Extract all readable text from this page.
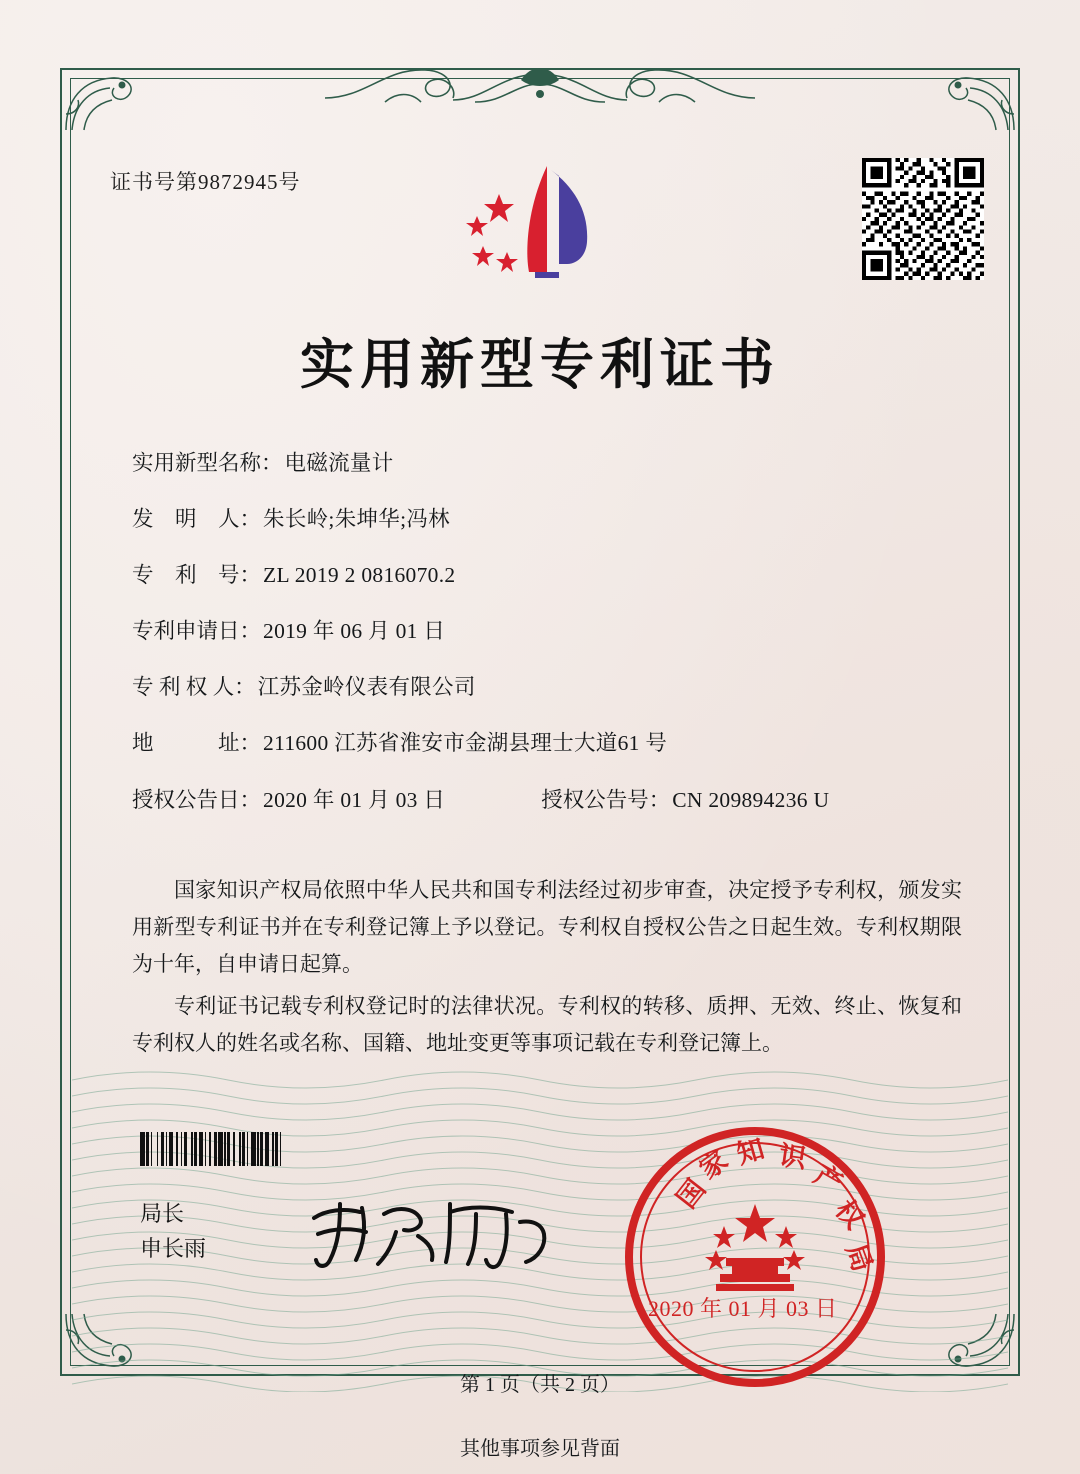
证书号第9872945号
实用新型专利证书
实用新型名称： 电磁流量计
发　明　人： 朱长岭;朱坤华;冯林
专　利　号： ZL 2019 2 0816070.2
专利申请日： 2019 年 06 月 01 日
专 利 权 人： 江苏金岭仪表有限公司
地　　　址： 211600 江苏省淮安市金湖县理士大道61 号
授权公告日： 2020 年 01 月 03 日	授权公告号： CN 209894236 U

国家知识产权局依照中华人民共和国专利法经过初步审查，决定授予专利权，颁发实用新型专利证书并在专利登记簿上予以登记。专利权自授权公告之日起生效。专利权期限为十年，自申请日起算。

专利证书记载专利权登记时的法律状况。专利权的转移、质押、无效、终止、恢复和专利权人的姓名或名称、国籍、地址变更等事项记载在专利登记簿上。

局长
申长雨
国
家 知 识
产
权
局
2020 年 01 月 03 日
第 1 页（共 2 页）
其他事项参见背面
